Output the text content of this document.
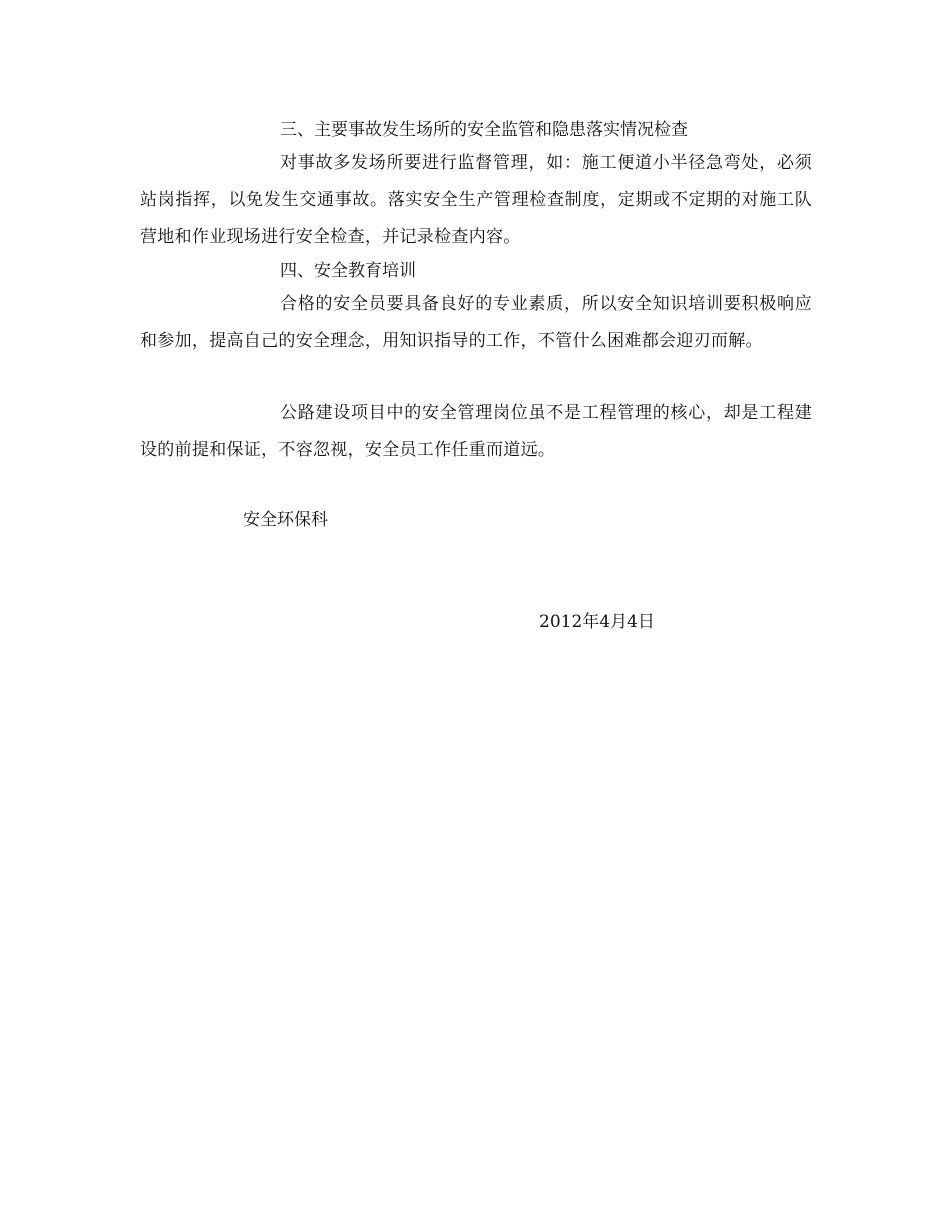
三、主要事故发生场所的安全监管和隐患落实情况检查
对事故多发场所要进行监督管理，如：施工便道小半径急弯处，必须站岗指挥，以免发生交通事故。落实安全生产管理检查制度，定期或不定期的对施工队营地和作业现场进行安全检查，并记录检查内容。
四、安全教育培训
合格的安全员要具备良好的专业素质，所以安全知识培训要积极响应和参加，提高自己的安全理念，用知识指导的工作，不管什么困难都会迎刃而解。
公路建设项目中的安全管理岗位虽不是工程管理的核心，却是工程建设的前提和保证，不容忽视，安全员工作任重而道远。
安全环保科
2012年4月4日
